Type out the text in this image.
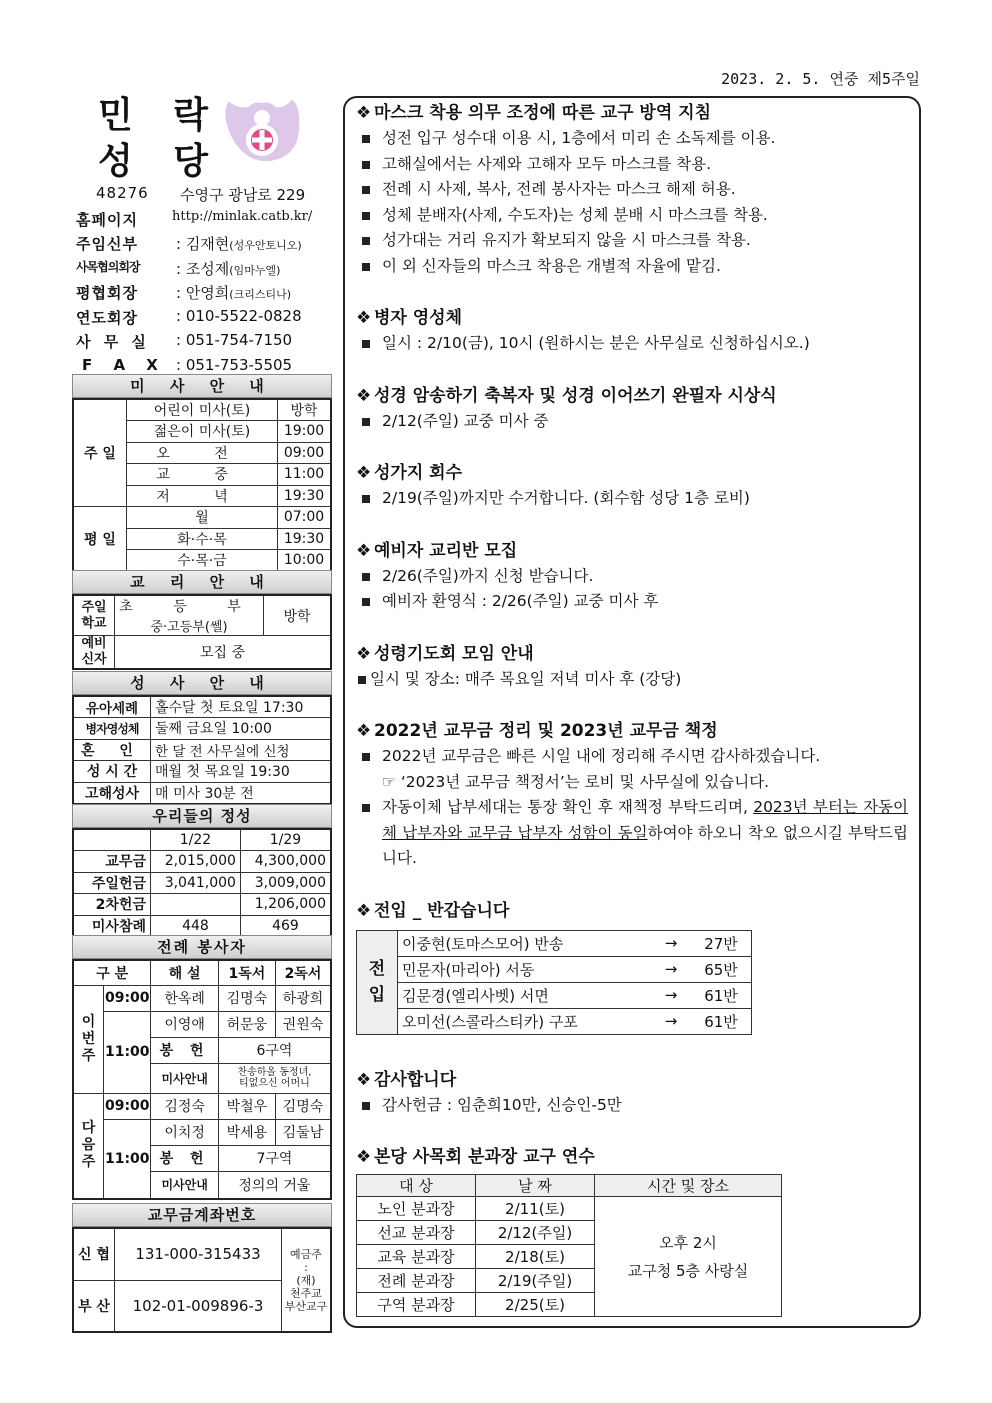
2023. 2. 5. 연중 제5주일
민 락
성 당
48276 수영구 광남로 229
홈페이지	http://minlak.catb.kr/
주임신부	: 김재현(성우안토니오)
사목협의회장 : 조성제(임마누엘)
평협회장	: 안영희(크리스티나)
연도회장	: 010-5522-0828
사 무 실 : 051-754-7150
F A X : 051-753-5505
미 사 안 내
주 일	어린이 미사(토)	방학
	젊은이 미사(토)	19:00
	오 전	09:00
	교 중	11:00
	저 녁	19:30
평 일	월	07:00
	화·수·목	19:30
	수·목·금	10:00
교 리 안 내
주일
학교	초 등 부	방학
	중·고등부(쎌)	
예비
신자	모집 중	
성 사 안 내
유아세례	홀수달 첫 토요일 17:30
병자영성체	둘째 금요일 10:00
혼 인	한 달 전 사무실에 신청
성 시 간	매월 첫 목요일 19:30
고해성사	매 미사 30분 전
우리들의 정성
	1/22	1/29
교무금	2,015,000	4,300,000
주일헌금	3,041,000	3,009,000
2차헌금		1,206,000
미사참례	448	469
전례 봉사자
구 분		해 설	1독서	2독서
이
번
주	09:00	한옥례	김명숙	하광희
	11:00	이영애	허문웅	권원숙
		봉 헌	6구역	
		미사안내	찬송하올 동정녀,
티없으신 어머니	
다
음
주	09:00	김정숙	박철우	김명숙
	11:00	이치정	박세용	김둘남
		봉 헌	7구역	
		미사안내	정의의 거울	
교무금계좌번호
신 협	131-000-315433	예금주
:
(재)
천주교
부산교구
부 산	102-01-009896-3	
❖ 마스크 착용 의무 조정에 따른 교구 방역 지침
성전 입구 성수대 이용 시, 1층에서 미리 손 소독제를 이용.
고해실에서는 사제와 고해자 모두 마스크를 착용.
전례 시 사제, 복사, 전례 봉사자는 마스크 해제 허용.
성체 분배자(사제, 수도자)는 성체 분배 시 마스크를 착용.
성가대는 거리 유지가 확보되지 않을 시 마스크를 착용.
이 외 신자들의 마스크 착용은 개별적 자율에 맡김.
❖ 병자 영성체
일시 : 2/10(금), 10시 (원하시는 분은 사무실로 신청하십시오.)
❖ 성경 암송하기 축복자 및 성경 이어쓰기 완필자 시상식
2/12(주일) 교중 미사 중
❖ 성가지 회수
2/19(주일)까지만 수거합니다. (회수함 성당 1층 로비)
❖ 예비자 교리반 모집
2/26(주일)까지 신청 받습니다.
예비자 환영식 : 2/26(주일) 교중 미사 후
❖ 성령기도회 모임 안내
일시 및 장소: 매주 목요일 저녁 미사 후 (강당)
❖ 2022년 교무금 정리 및 2023년 교무금 책정
2022년 교무금은 빠른 시일 내에 정리해 주시면 감사하겠습니다.
☞ ‘2023년 교무금 책정서’는 로비 및 사무실에 있습니다.
자동이체 납부세대는 통장 확인 후 재책정 부탁드리며, 2023년 부터는 자동이체 납부자와 교무금 납부자 성함이 동일하여야 하오니 착오 없으시길 부탁드립니다.
❖ 전입 _ 반갑습니다
전
입	이중현(토마스모어) 반송	→	27반
	민문자(마리아) 서동	→	65반
	김문경(엘리사벳) 서면	→	61반
	오미선(스콜라스티카) 구포	→	61반
❖ 감사합니다
감사헌금 : 임춘희10만, 신승인-5만
❖ 본당 사목회 분과장 교구 연수
대 상	날 짜	시간 및 장소
노인 분과장	2/11(토)	오후 2시
교구청 5층 사랑실

선교 분과장	2/12(주일)	
교육 분과장	2/18(토)	
전례 분과장	2/19(주일)	
구역 분과장	2/25(토)	
